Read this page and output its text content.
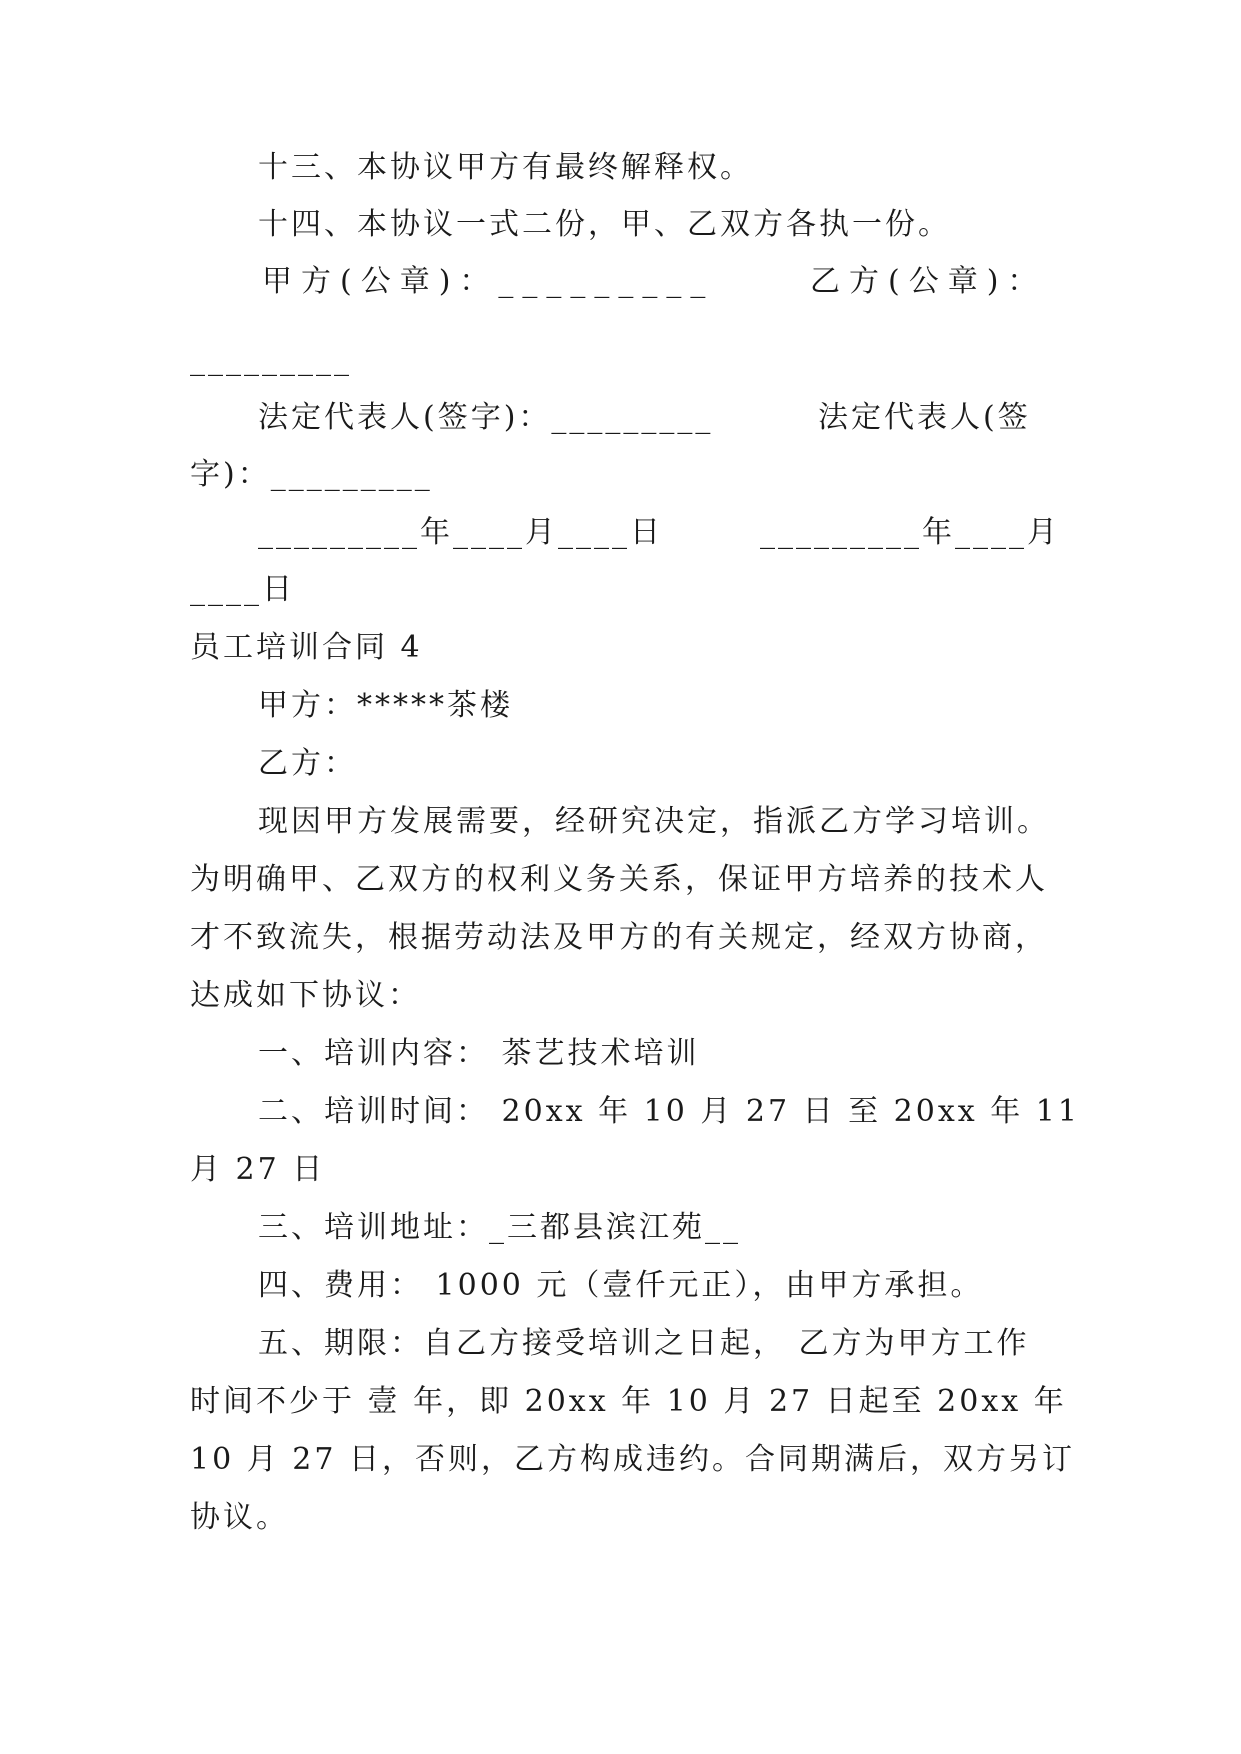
十三、本协议甲方有最终解释权。
十四、本协议一式二份，甲、乙双方各执一份。
甲方(公章)：_________	乙方(公章)：
_________
法定代表人(签字)：_________	法定代表人(签
字)：_________
_________年____月____日	_________年____月
____日
员工培训合同 4
甲方：*****茶楼
乙方：
现因甲方发展需要，经研究决定，指派乙方学习培训。
为明确甲、乙双方的权利义务关系，保证甲方培养的技术人
才不致流失，根据劳动法及甲方的有关规定，经双方协商，
达成如下协议：
一、培训内容： 茶艺技术培训
二、培训时间： 20xx 年 10 月 27 日 至 20xx 年 11
月 27 日
三、培训地址：_三都县滨江苑__
四、费用： 1000 元（壹仟元正），由甲方承担。
五、期限：自乙方接受培训之日起， 乙方为甲方工作
时间不少于 壹 年，即 20xx 年 10 月 27 日起至 20xx 年
10 月 27 日，否则，乙方构成违约。合同期满后，双方另订
协议。
